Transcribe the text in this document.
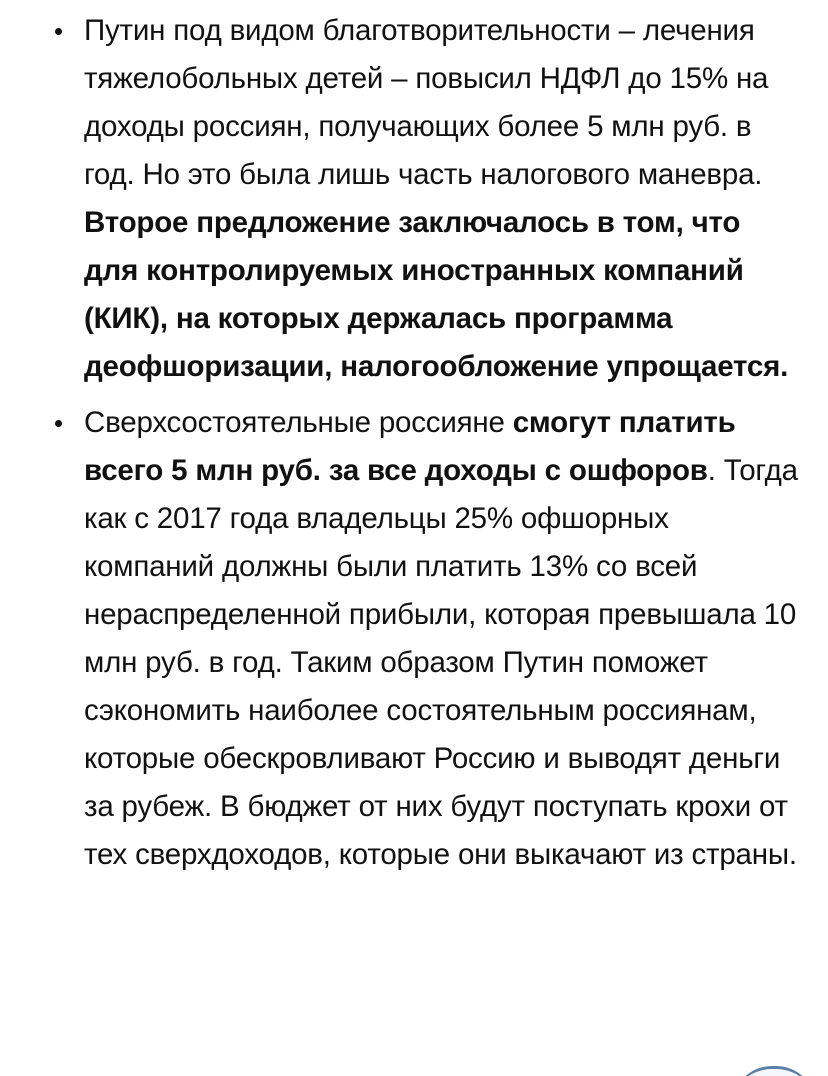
Путин под видом благотворительности – лечения тяжелобольных детей – повысил НДФЛ до 15% на доходы россиян, получающих более 5 млн руб. в год. Но это была лишь часть налогового маневра. Второе предложение заключалось в том, что для контролируемых иностранных компаний (КИК), на которых держалась программа деофшоризации, налогообложение упрощается.
Сверхсостоятельные россияне смогут платить всего 5 млн руб. за все доходы с ошфоров. Тогда как с 2017 года владельцы 25% офшорных компаний должны были платить 13% со всей нераспределенной прибыли, которая превышала 10 млн руб. в год. Таким образом Путин поможет сэкономить наиболее состоятельным россиянам, которые обескровливают Россию и выводят деньги за рубеж. В бюджет от них будут поступать крохи от тех сверхдоходов, которые они выкачают из страны.
